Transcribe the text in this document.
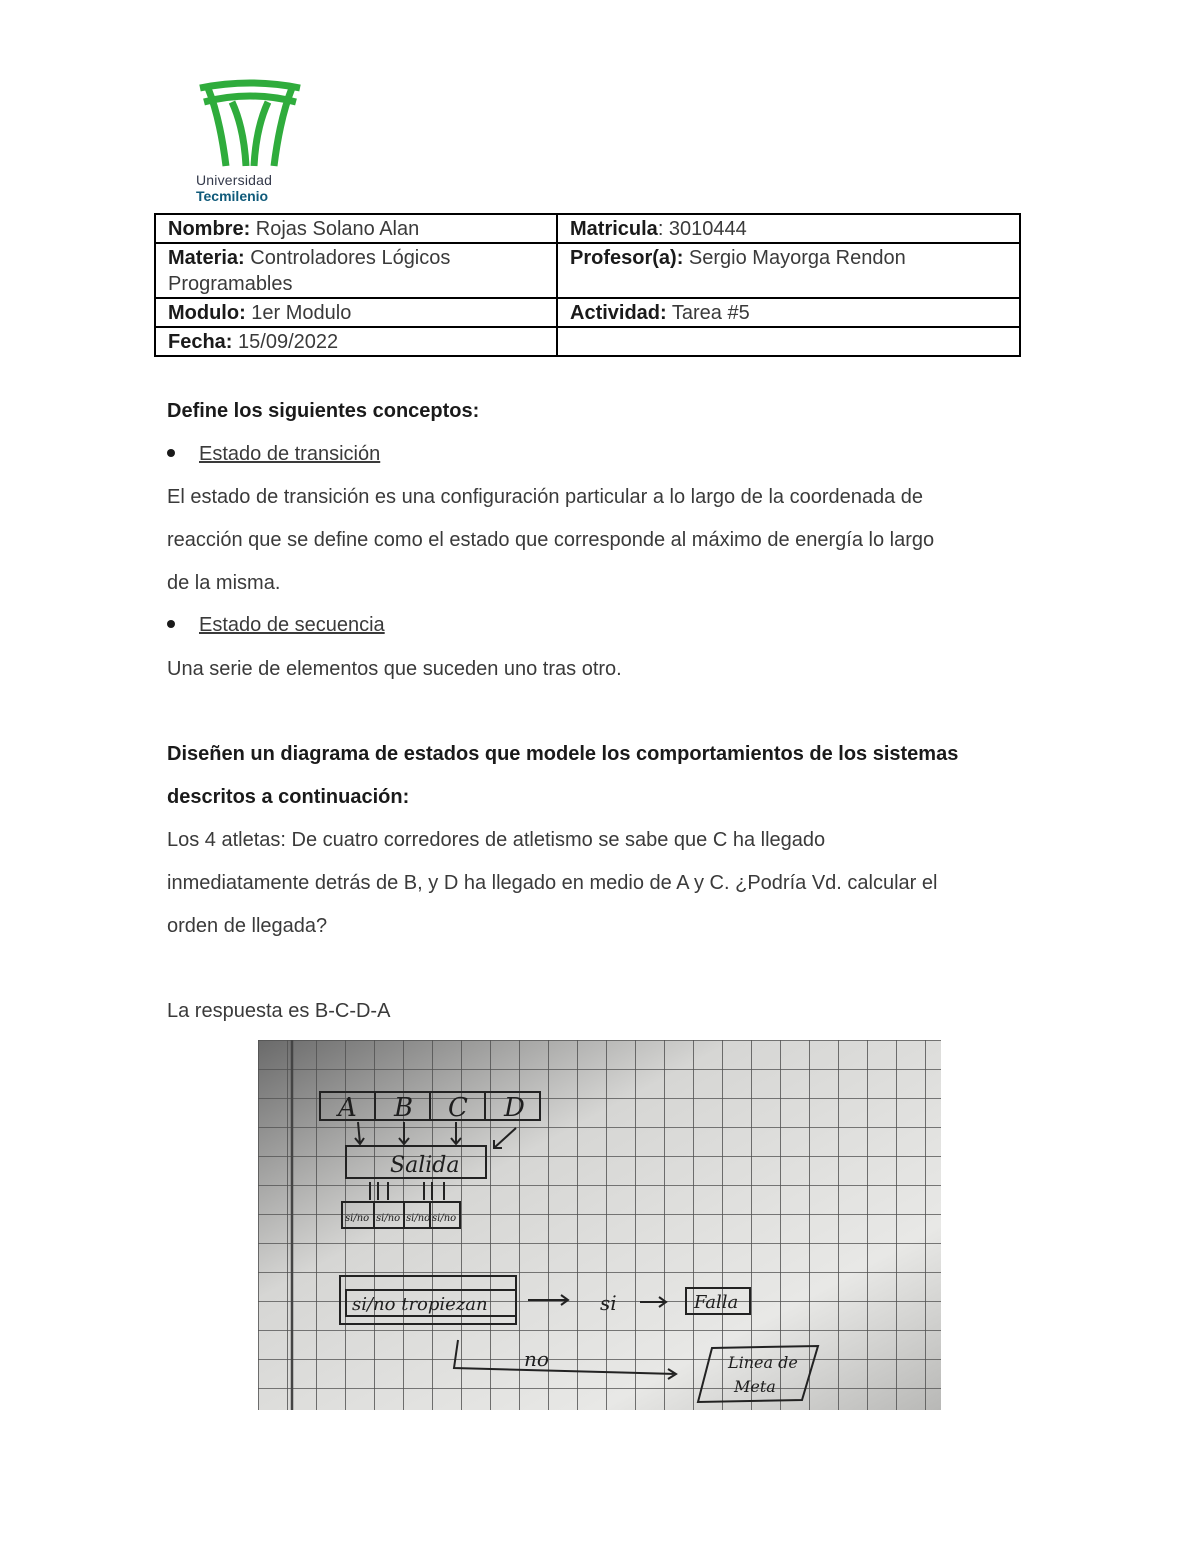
Universidad
Tecmilenio
Nombre: Rojas Solano Alan	Matricula: 3010444
Materia: Controladores Lógicos Programables	Profesor(a): Sergio Mayorga Rendon
Modulo: 1er Modulo	Actividad: Tarea #5
Fecha: 15/09/2022	
Define los siguientes conceptos:
Estado de transición
El estado de transición es una configuración particular a lo largo de la coordenada de reacción que se define como el estado que corresponde al máximo de energía lo largo de la misma.
Estado de secuencia
Una serie de elementos que suceden uno tras otro.
Diseñen un diagrama de estados que modele los comportamientos de los sistemas descritos a continuación:
Los 4 atletas: De cuatro corredores de atletismo se sabe que C ha llegado inmediatamente detrás de B, y D ha llegado en medio de A y C. ¿Podría Vd. calcular el orden de llegada?
La respuesta es B-C-D-A
A B C D
Salida
si/no si/no si/no si/no
si/no tropiezan	si	Falla
no	Linea de
Meta
